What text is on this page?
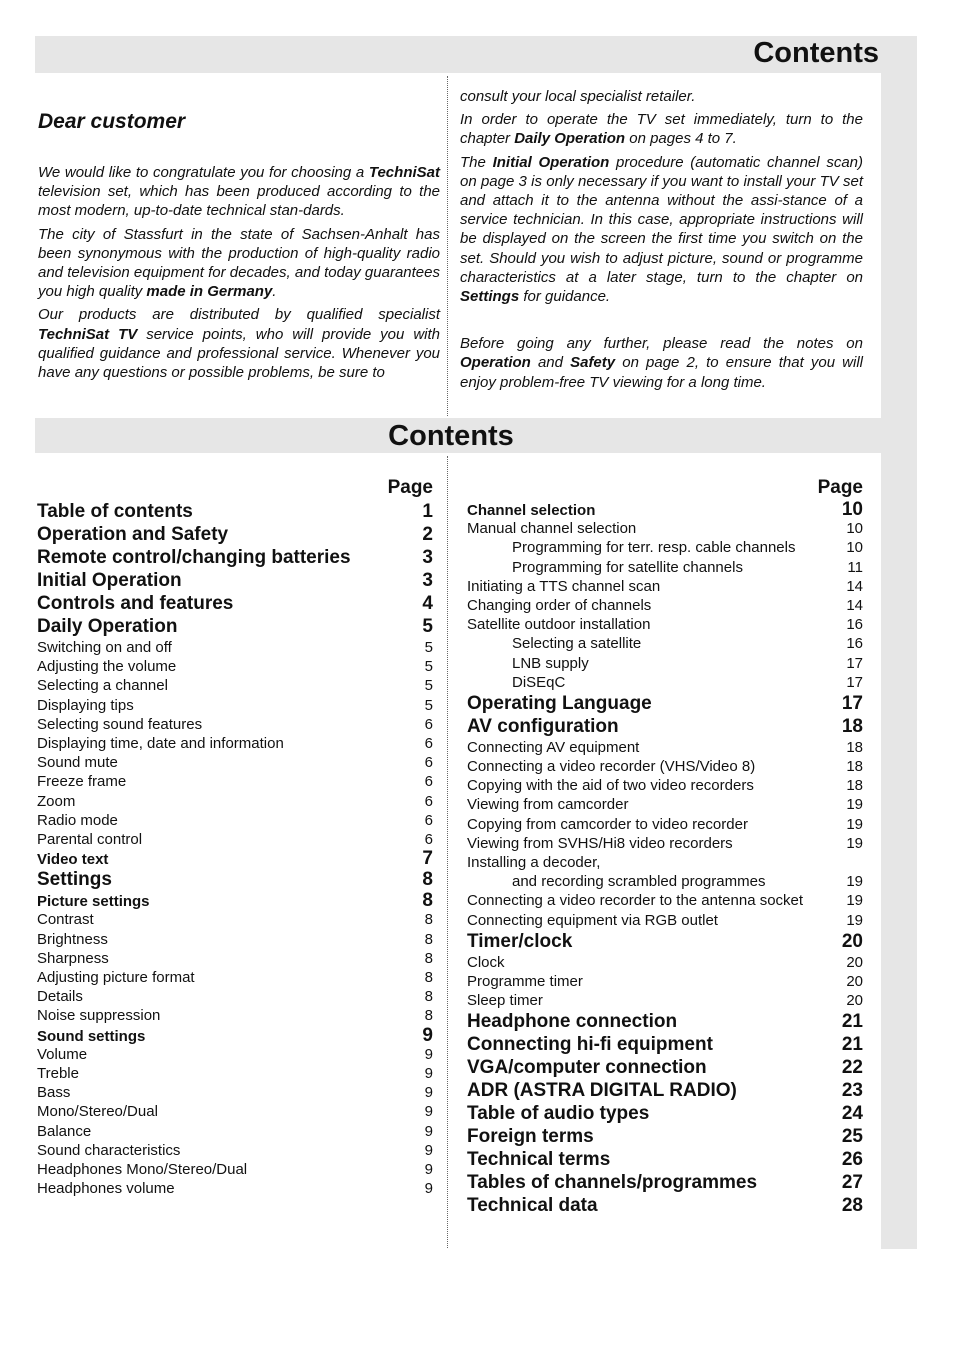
Contents
Dear customer

We would like to congratulate you for choosing a TechniSat television set, which has been produced according to the most modern, up-to-date technical stan-dards.

The city of Stassfurt in the state of Sachsen-Anhalt has been synonymous with the production of high-quality radio and television equipment for decades, and today guarantees you high quality made in Germany.

Our products are distributed by qualified specialist TechniSat TV service points, who will provide you with qualified guidance and professional service. Whenever you have any questions or possible problems, be sure to

consult your local specialist retailer.

In order to operate the TV set immediately, turn to the chapter Daily Operation on pages 4 to 7.

The Initial Operation procedure (automatic channel scan) on page 3 is only necessary if you want to install your TV set and attach it to the antenna without the assi-stance of a service technician. In this case, appropriate instructions will be displayed on the screen the first time you switch on the set. Should you wish to adjust picture, sound or programme characteristics at a later stage, turn to the chapter on Settings for guidance.

Before going any further, please read the notes on Operation and Safety on page 2, to ensure that you will enjoy problem-free TV viewing for a long time.

Contents
Page
Table of contents	1
Operation and Safety	2
Remote control/changing batteries	3
Initial Operation	3
Controls and features	4
Daily Operation	5
Switching on and off	5
Adjusting the volume	5
Selecting a channel	5
Displaying tips	5
Selecting sound features	6
Displaying time, date and information	6
Sound mute	6
Freeze frame	6
Zoom	6
Radio mode	6
Parental control	6
Video text	7
Settings	8
Picture settings	8
Contrast	8
Brightness	8
Sharpness	8
Adjusting picture format	8
Details	8
Noise suppression	8
Sound settings	9
Volume	9
Treble	9
Bass	9
Mono/Stereo/Dual	9
Balance	9
Sound characteristics	9
Headphones Mono/Stereo/Dual	9
Headphones volume	9
Page
Channel selection	10
Manual channel selection	10
Programming for terr. resp. cable channels	10
Programming for satellite channels	11
Initiating a TTS channel scan	14
Changing order of channels	14
Satellite outdoor installation	16
Selecting a satellite	16
LNB supply	17
DiSEqC	17
Operating Language	17
AV configuration	18
Connecting AV equipment	18
Connecting a video recorder (VHS/Video 8)	18
Copying with the aid of two video recorders	18
Viewing from camcorder	19
Copying from camcorder to video recorder	19
Viewing from SVHS/Hi8 video recorders	19
Installing a decoder,
and recording scrambled programmes	19
Connecting a video recorder to the antenna socket	19
Connecting equipment via RGB outlet	19
Timer/clock	20
Clock	20
Programme timer	20
Sleep timer	20
Headphone connection	21
Connecting hi-fi equipment	21
VGA/computer connection	22
ADR (ASTRA DIGITAL RADIO)	23
Table of audio types	24
Foreign terms	25
Technical terms	26
Tables of channels/programmes	27
Technical data	28
